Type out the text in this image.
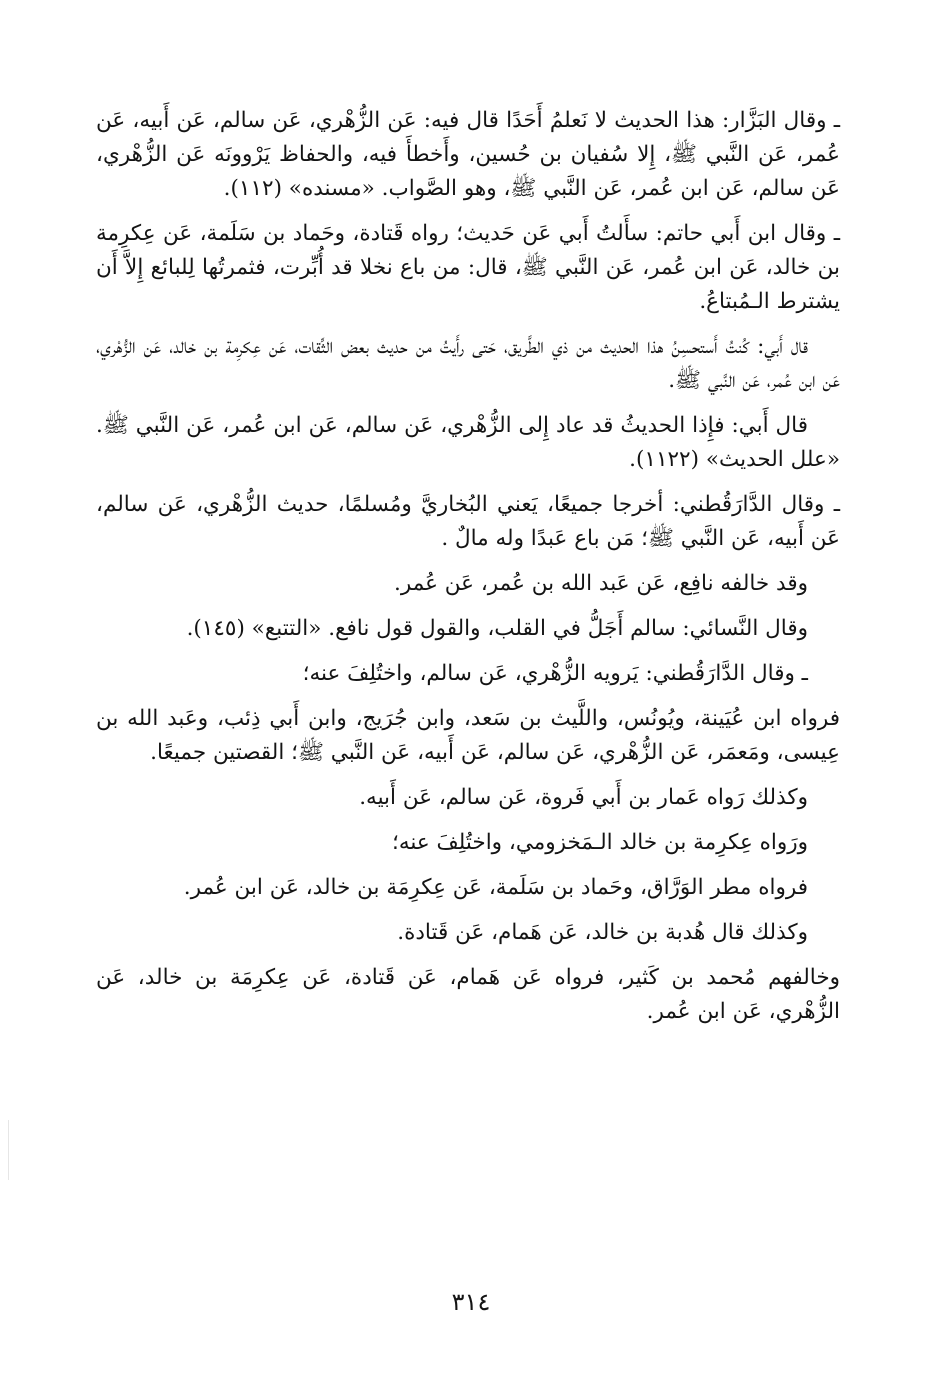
ـ وقال البَزَّار: هذا الحديث لا نَعلمُ أَحَدًا قال فيه: عَن الزُّهْري، عَن سالم، عَن أَبيه، عَن عُمر، عَن النَّبي ﷺ، إِلا سُفيان بن حُسين، وأَخطأَ فيه، والحفاظ يَرْوونَه عَن الزُّهْري، عَن سالم، عَن ابن عُمر، عَن النَّبي ﷺ، وهو الصَّواب. «مسنده» (١١٢).

ـ وقال ابن أَبي حاتم: سأَلتُ أَبي عَن حَديث؛ رواه قَتادة، وحَماد بن سَلَمة، عَن عِكرِمة بن خالد، عَن ابن عُمر، عَن النَّبي ﷺ، قال: من باع نخلا قد أُبِّرت، فثمرتُها لِلبائع إِلاَّ أَن يشترط الـمُبتاعُ.

قال أَبي: كُنتُ أَستحسِنُ هذا الحديث من ذي الطَّريق، حَتى رأَيتُ من حديث بعض الثِّقات، عَن عِكرِمة بن خالد، عَن الزُّهْري، عَن ابن عُمر، عَن النَّبي ﷺ.

قال أَبي: فإِذا الحديثُ قد عاد إِلى الزُّهْري، عَن سالم، عَن ابن عُمر، عَن النَّبي ﷺ. «علل الحديث» (١١٢٢).

ـ وقال الدَّارَقُطني: أخرجا جميعًا، يَعني البُخاريَّ ومُسلمًا، حديث الزُّهْري، عَن سالم، عَن أَبيه، عَن النَّبي ﷺ؛ مَن باع عَبدًا وله مالٌ .

وقد خالفه نافِع، عَن عَبد الله بن عُمر، عَن عُمر.

وقال النَّسائي: سالم أَجَلُّ في القلب، والقول قول نافع. «التتبع» (١٤٥).

ـ وقال الدَّارَقُطني: يَرويه الزُّهْري، عَن سالم، واختُلِفَ عنه؛

فرواه ابن عُيَينة، ويُونُس، واللَّيث بن سَعد، وابن جُرَيج، وابن أَبي ذِئب، وعَبد الله بن عِيسى، ومَعمَر، عَن الزُّهْري، عَن سالم، عَن أَبيه، عَن النَّبي ﷺ؛ القصتين جميعًا.

وكذلك رَواه عَمار بن أَبي فَروة، عَن سالم، عَن أَبيه.

ورَواه عِكرِمة بن خالد الـمَخزومي، واختُلِفَ عنه؛

فرواه مطر الوَرَّاق، وحَماد بن سَلَمة، عَن عِكرِمَة بن خالد، عَن ابن عُمر.

وكذلك قال هُدبة بن خالد، عَن هَمام، عَن قَتادة.

وخالفهم مُحمد بن كَثير، فرواه عَن هَمام، عَن قَتادة، عَن عِكرِمَة بن خالد، عَن الزُّهْري، عَن ابن عُمر.

٣١٤
